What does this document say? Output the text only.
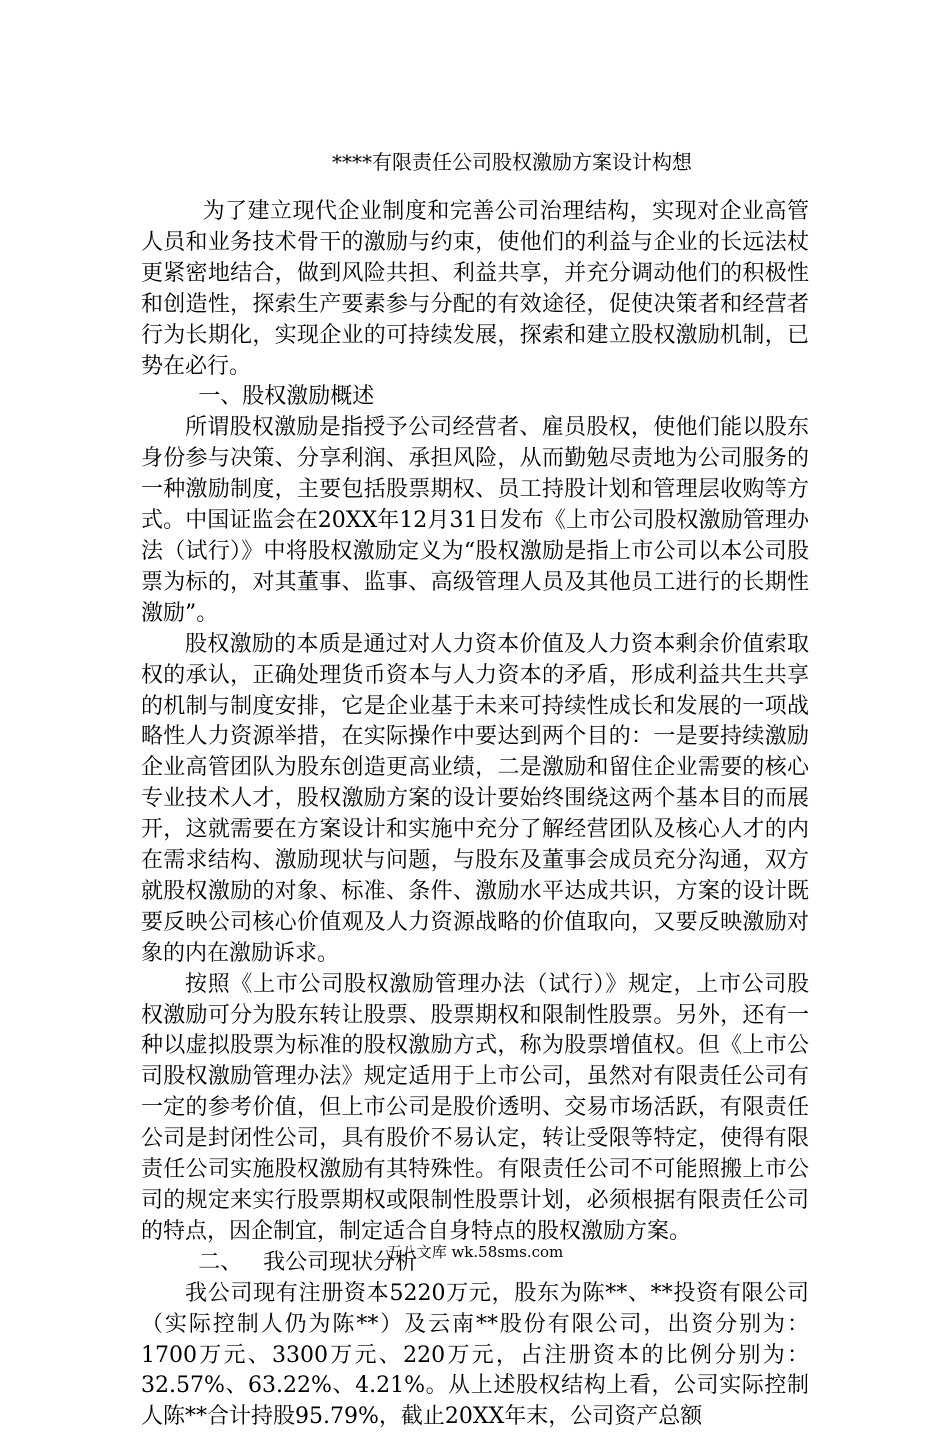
****有限责任公司股权激励方案设计构想

为了建立现代企业制度和完善公司治理结构，实现对企业高管人员和业务技术骨干的激励与约束，使他们的利益与企业的长远法杖更紧密地结合，做到风险共担、利益共享，并充分调动他们的积极性和创造性，探索生产要素参与分配的有效途径，促使决策者和经营者行为长期化，实现企业的可持续发展，探索和建立股权激励机制，已势在必行。

一、股权激励概述

所谓股权激励是指授予公司经营者、雇员股权，使他们能以股东身份参与决策、分享利润、承担风险，从而勤勉尽责地为公司服务的一种激励制度，主要包括股票期权、员工持股计划和管理层收购等方式。中国证监会在20XX年12月31日发布《上市公司股权激励管理办法（试行）》中将股权激励定义为“股权激励是指上市公司以本公司股票为标的，对其董事、监事、高级管理人员及其他员工进行的长期性激励”。

股权激励的本质是通过对人力资本价值及人力资本剩余价值索取权的承认，正确处理货币资本与人力资本的矛盾，形成利益共生共享的机制与制度安排，它是企业基于未来可持续性成长和发展的一项战略性人力资源举措，在实际操作中要达到两个目的：一是要持续激励企业高管团队为股东创造更高业绩，二是激励和留住企业需要的核心专业技术人才，股权激励方案的设计要始终围绕这两个基本目的而展开，这就需要在方案设计和实施中充分了解经营团队及核心人才的内在需求结构、激励现状与问题，与股东及董事会成员充分沟通，双方就股权激励的对象、标准、条件、激励水平达成共识，方案的设计既要反映公司核心价值观及人力资源战略的价值取向，又要反映激励对象的内在激励诉求。

按照《上市公司股权激励管理办法（试行）》规定，上市公司股权激励可分为股东转让股票、股票期权和限制性股票。另外，还有一种以虚拟股票为标准的股权激励方式，称为股票增值权。但《上市公司股权激励管理办法》规定适用于上市公司，虽然对有限责任公司有一定的参考价值，但上市公司是股价透明、交易市场活跃，有限责任公司是封闭性公司，具有股价不易认定，转让受限等特定，使得有限责任公司实施股权激励有其特殊性。有限责任公司不可能照搬上市公司的规定来实行股票期权或限制性股票计划，必须根据有限责任公司的特点，因企制宜，制定适合自身特点的股权激励方案。

二、   我公司现状分析

我公司现有注册资本5220万元，股东为陈**、**投资有限公司（实际控制人仍为陈**）及云南**股份有限公司，出资分别为：1700万元、3300万元、220万元，占注册资本的比例分别为：32.57%、63.22%、4.21%。从上述股权结构上看，公司实际控制人陈**合计持股95.79%，截止20XX年末，公司资产总额

五八文库 wk.58sms.com
